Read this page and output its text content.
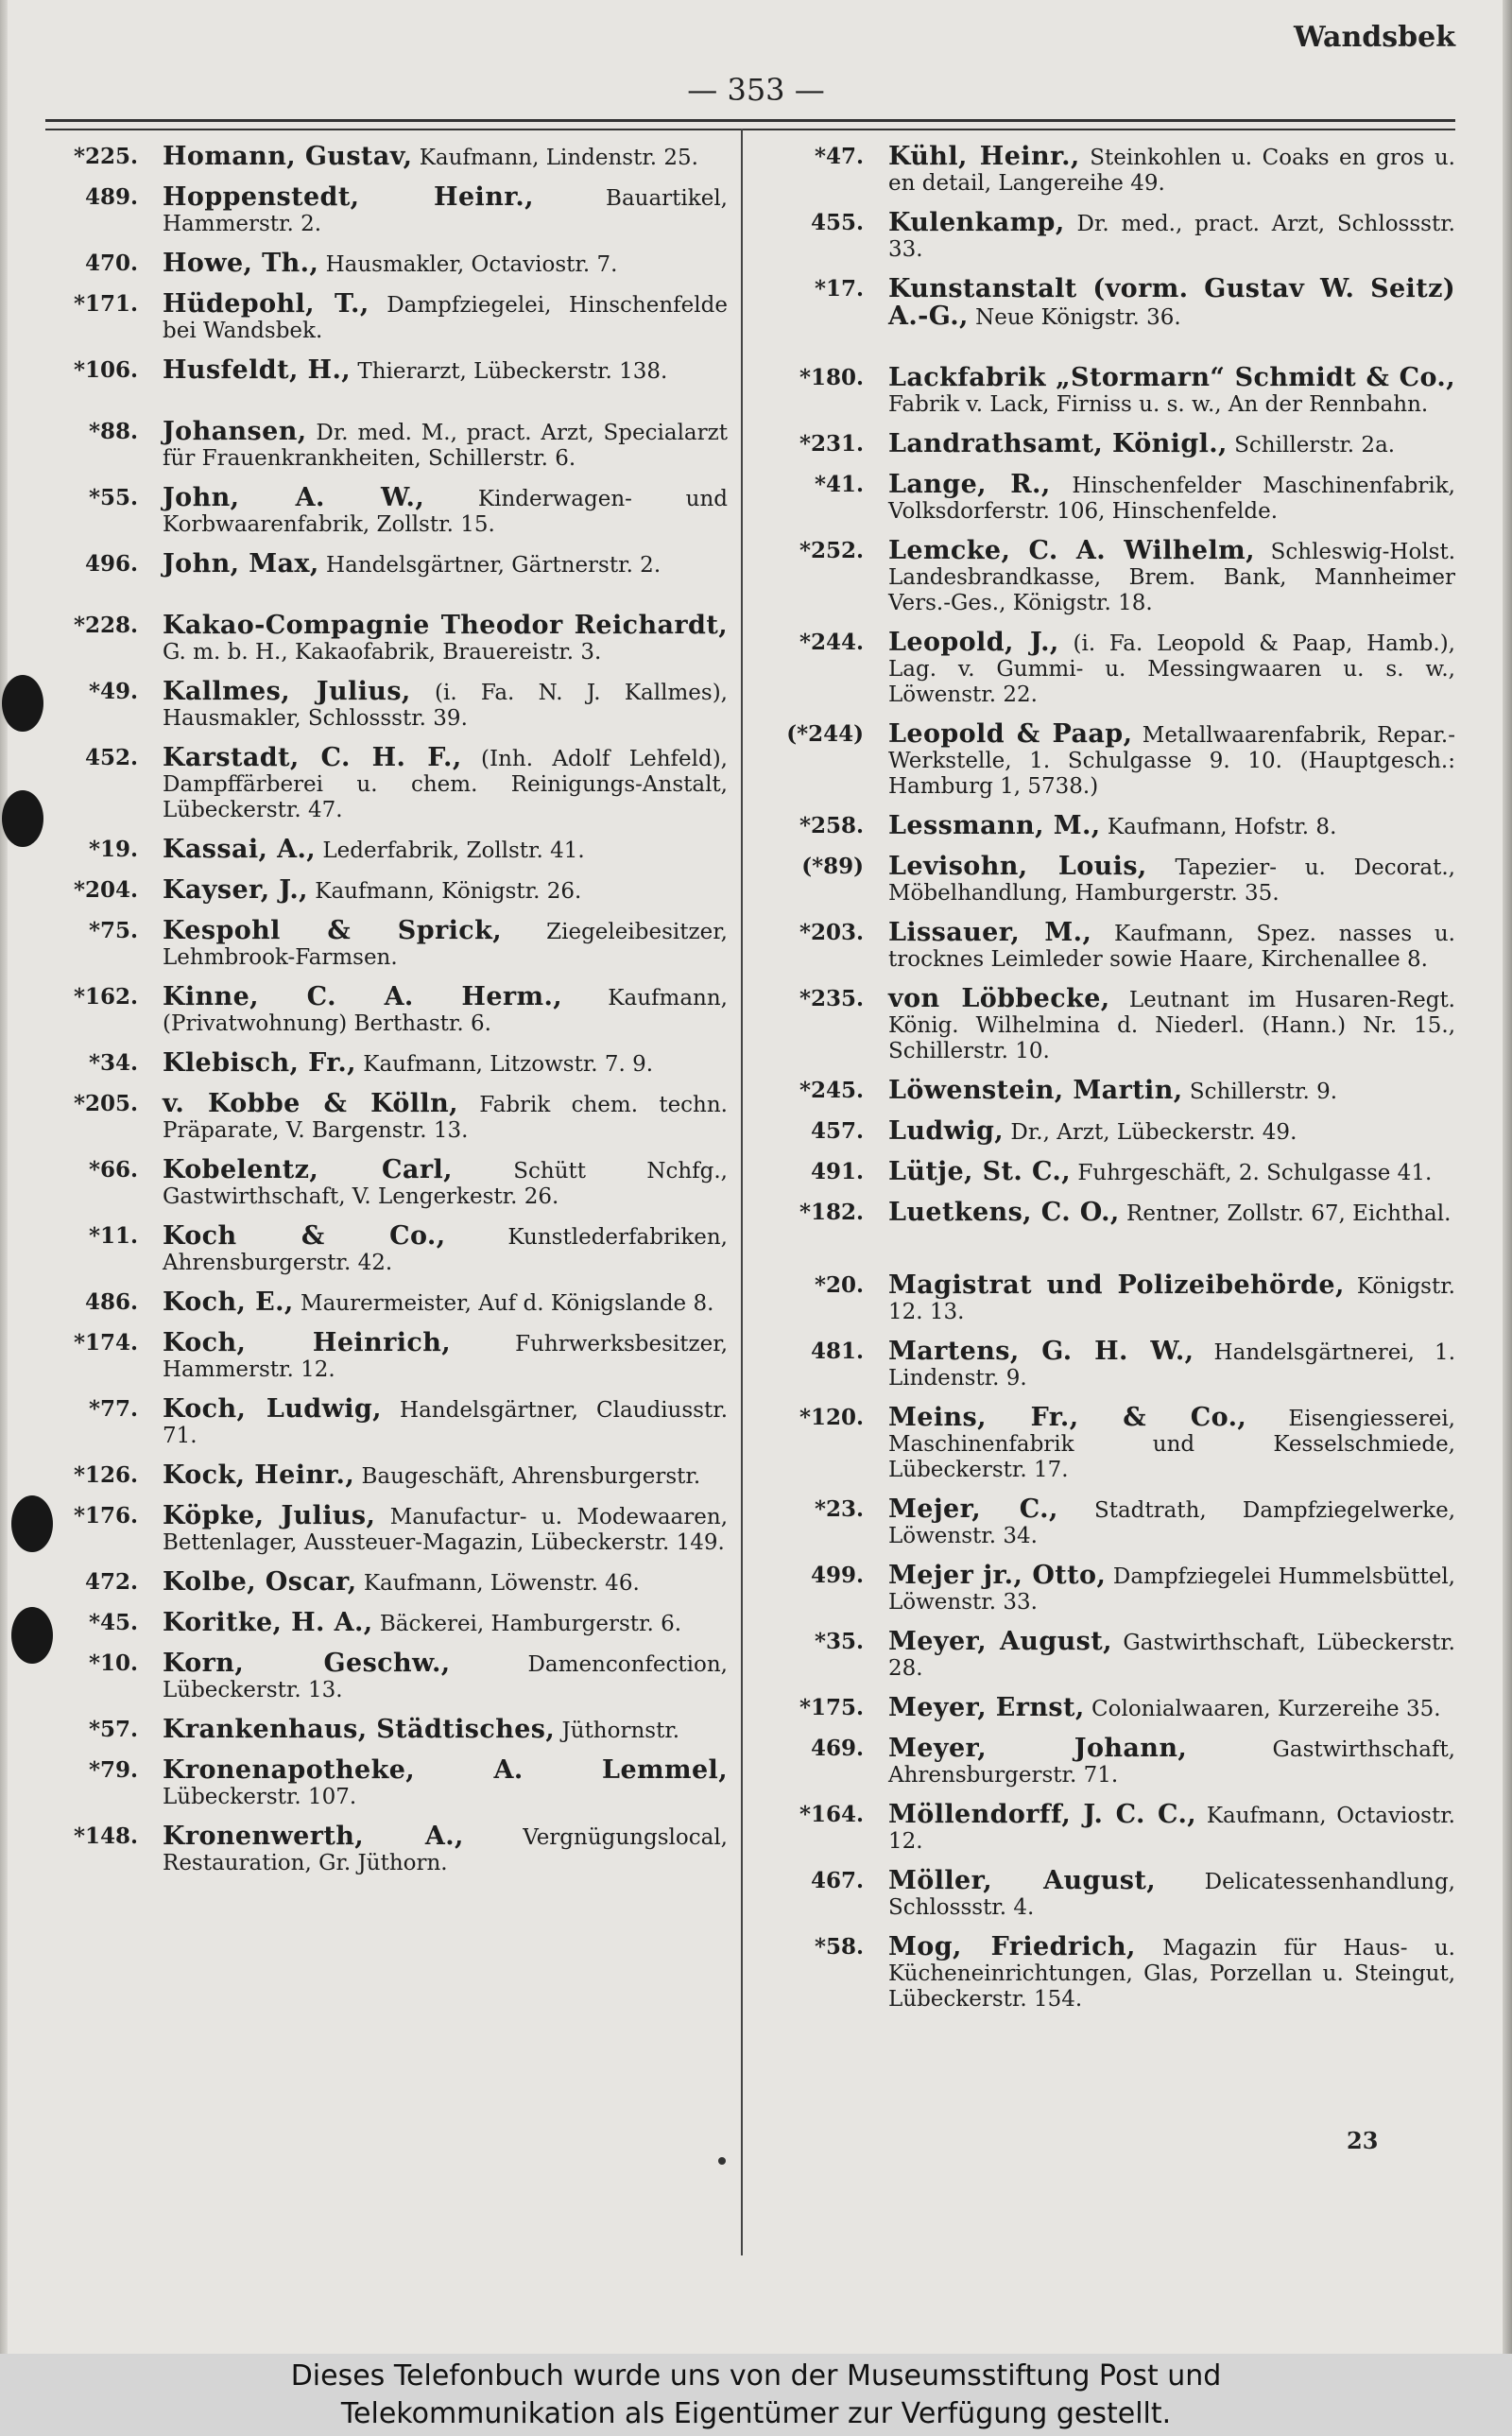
Wandsbek
— 353 —
*225. Homann, Gustav, Kaufmann, Lindenstr. 25.
489. Hoppenstedt, Heinr., Bauartikel, Hammerstr. 2.
470. Howe, Th., Hausmakler, Octaviostr. 7.
*171. Hüdepohl, T., Dampfziegelei, Hinschenfelde bei Wandsbek.
*106. Husfeldt, H., Thierarzt, Lübeckerstr. 138.
*88. Johansen, Dr. med. M., pract. Arzt, Specialarzt für Frauenkrankheiten, Schillerstr. 6.
*55. John, A. W., Kinderwagen- und Korbwaarenfabrik, Zollstr. 15.
496. John, Max, Handelsgärtner, Gärtnerstr. 2.
*228. Kakao-Compagnie Theodor Reichardt, G. m. b. H., Kakaofabrik, Brauereistr. 3.
*49. Kallmes, Julius, (i. Fa. N. J. Kallmes), Hausmakler, Schlossstr. 39.
452. Karstadt, C. H. F., (Inh. Adolf Lehfeld), Dampffärberei u. chem. Reinigungs-Anstalt, Lübeckerstr. 47.
*19. Kassai, A., Lederfabrik, Zollstr. 41.
*204. Kayser, J., Kaufmann, Königstr. 26.
*75. Kespohl & Sprick, Ziegeleibesitzer, Lehmbrook-Farmsen.
*162. Kinne, C. A. Herm., Kaufmann, (Privatwohnung) Berthastr. 6.
*34. Klebisch, Fr., Kaufmann, Litzowstr. 7. 9.
*205. v. Kobbe & Kölln, Fabrik chem. techn. Präparate, V. Bargenstr. 13.
*66. Kobelentz, Carl, Schütt Nchfg., Gastwirthschaft, V. Lengerkestr. 26.
*11. Koch & Co., Kunstlederfabriken, Ahrensburgerstr. 42.
486. Koch, E., Maurermeister, Auf d. Königslande 8.
*174. Koch, Heinrich, Fuhrwerksbesitzer, Hammerstr. 12.
*77. Koch, Ludwig, Handelsgärtner, Claudiusstr. 71.
*126. Kock, Heinr., Baugeschäft, Ahrensburgerstr.
*176. Köpke, Julius, Manufactur- u. Modewaaren, Bettenlager, Aussteuer-Magazin, Lübeckerstr. 149.
472. Kolbe, Oscar, Kaufmann, Löwenstr. 46.
*45. Koritke, H. A., Bäckerei, Hamburgerstr. 6.
*10. Korn, Geschw., Damenconfection, Lübeckerstr. 13.
*57. Krankenhaus, Städtisches, Jüthornstr.
*79. Kronenapotheke, A. Lemmel, Lübeckerstr. 107.
*148. Kronenwerth, A., Vergnügungslocal, Restauration, Gr. Jüthorn.
*47. Kühl, Heinr., Steinkohlen u. Coaks en gros u. en detail, Langereihe 49.
455. Kulenkamp, Dr. med., pract. Arzt, Schlossstr. 33.
*17. Kunstanstalt (vorm. Gustav W. Seitz) A.-G., Neue Königstr. 36.
*180. Lackfabrik „Stormarn“ Schmidt & Co., Fabrik v. Lack, Firniss u. s. w., An der Rennbahn.
*231. Landrathsamt, Königl., Schillerstr. 2a.
*41. Lange, R., Hinschenfelder Maschinenfabrik, Volksdorferstr. 106, Hinschenfelde.
*252. Lemcke, C. A. Wilhelm, Schleswig-Holst. Landesbrandkasse, Brem. Bank, Mannheimer Vers.-Ges., Königstr. 18.
*244. Leopold, J., (i. Fa. Leopold & Paap, Hamb.), Lag. v. Gummi- u. Messingwaaren u. s. w., Löwenstr. 22.
(*244) Leopold & Paap, Metallwaarenfabrik, Repar.-Werkstelle, 1. Schulgasse 9. 10. (Hauptgesch.: Hamburg 1, 5738.)
*258. Lessmann, M., Kaufmann, Hofstr. 8.
(*89) Levisohn, Louis, Tapezier- u. Decorat., Möbelhandlung, Hamburgerstr. 35.
*203. Lissauer, M., Kaufmann, Spez. nasses u. trocknes Leimleder sowie Haare, Kirchenallee 8.
*235. von Löbbecke, Leutnant im Husaren-Regt. König. Wilhelmina d. Niederl. (Hann.) Nr. 15., Schillerstr. 10.
*245. Löwenstein, Martin, Schillerstr. 9.
457. Ludwig, Dr., Arzt, Lübeckerstr. 49.
491. Lütje, St. C., Fuhrgeschäft, 2. Schulgasse 41.
*182. Luetkens, C. O., Rentner, Zollstr. 67, Eichthal.
*20. Magistrat und Polizeibehörde, Königstr. 12. 13.
481. Martens, G. H. W., Handelsgärtnerei, 1. Lindenstr. 9.
*120. Meins, Fr., & Co., Eisengiesserei, Maschinenfabrik und Kesselschmiede, Lübeckerstr. 17.
*23. Mejer, C., Stadtrath, Dampfziegelwerke, Löwenstr. 34.
499. Mejer jr., Otto, Dampfziegelei Hummelsbüttel, Löwenstr. 33.
*35. Meyer, August, Gastwirthschaft, Lübeckerstr. 28.
*175. Meyer, Ernst, Colonialwaaren, Kurzereihe 35.
469. Meyer, Johann, Gastwirthschaft, Ahrensburgerstr. 71.
*164. Möllendorff, J. C. C., Kaufmann, Octaviostr. 12.
467. Möller, August, Delicatessenhandlung, Schlossstr. 4.
*58. Mog, Friedrich, Magazin für Haus- u. Kücheneinrichtungen, Glas, Porzellan u. Steingut, Lübeckerstr. 154.
23
Dieses Telefonbuch wurde uns von der Museumsstiftung Post und
Telekommunikation als Eigentümer zur Verfügung gestellt.
